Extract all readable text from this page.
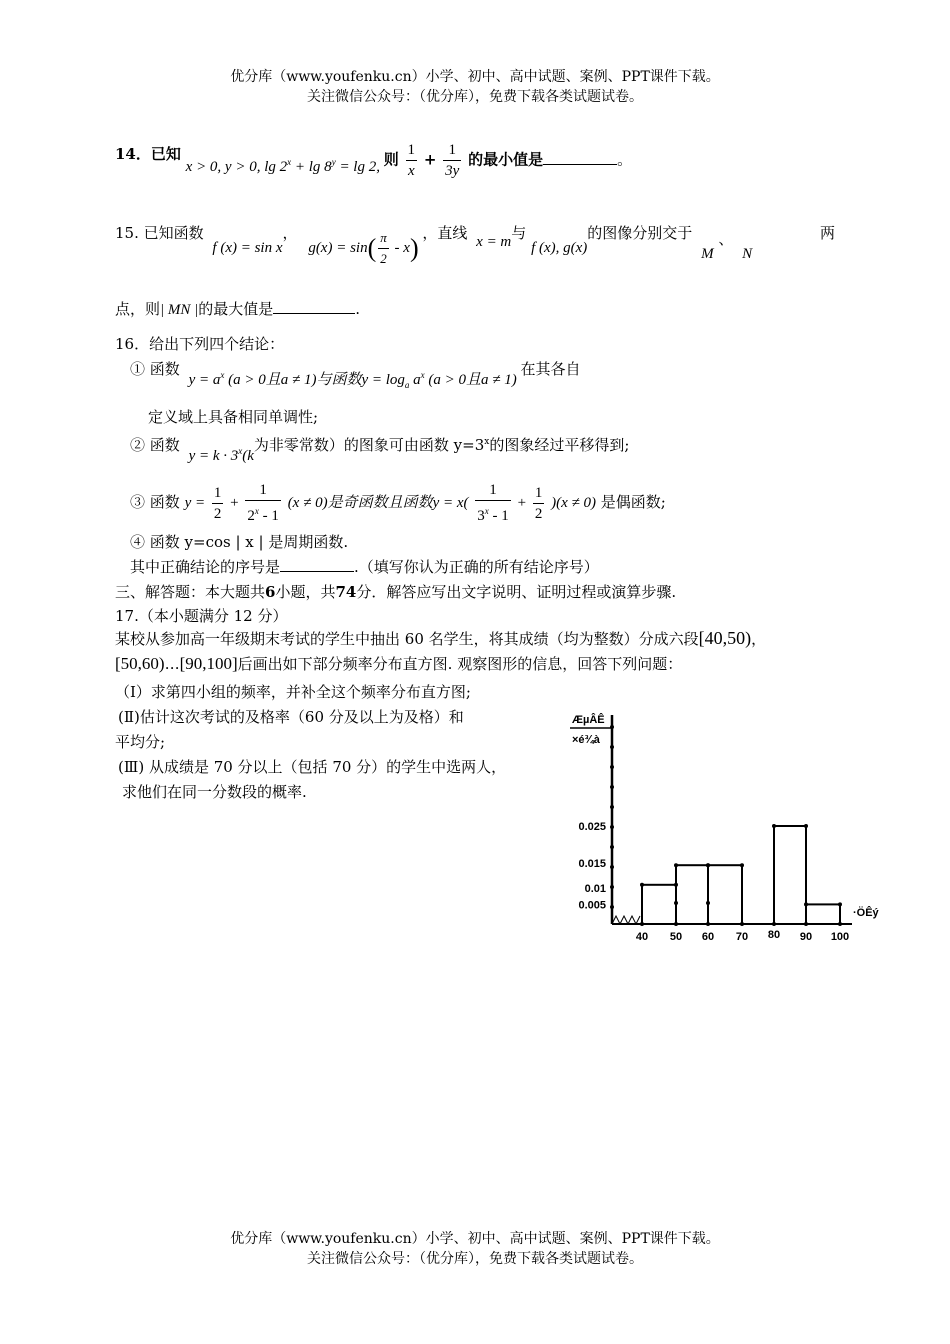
优分库（www.youfenku.cn）小学、初中、高中试题、案例、PPT课件下载。
关注微信公众号：（优分库），免费下载各类试题试卷。
14．已知 x > 0, y > 0, $\lg 2^x + \lg 8^y = \lg 2$, 则 $\frac{1}{x} + \frac{1}{3y}$ 的最小值是	。
15. 已知函数 f (x) = sin x， $g(x) = \sin( \frac{\pi}{2} - x)$ ，直线 x = m与 f (x), g(x)的图像分别交于 M 、 N
两
点，则| MN |的最大值是	.
16．给出下列四个结论：
① 函数 $y = a^x$ (a > 0且a ≠ 1)与函数$y = \log_a a^x$ (a > 0且a ≠ 1) 在其各自
定义域上具备相同单调性;
② 函数 $y = k \cdot 3^x(k$为非零常数）的图象可由函数 $y=3^x$的图象经过平移得到;
③ 函数 $y = \frac{1}{2} + \frac{1}{2^x - 1} (x \ne 0)$是奇函数且函数$y = x( \frac{1}{3^x - 1} + \frac{1}{2} )(x \ne 0)$ 是偶函数;
④ 函数 y=cos | x | 是周期函数.
其中正确结论的序号是	.（填写你认为正确的所有结论序号）
三、解答题：本大题共6小题，共74分．解答应写出文字说明、证明过程或演算步骤.
17.（本小题满分 12 分）
某校从参加高一年级期末考试的学生中抽出 60 名学生，将其成绩（均为整数）分成六段[40,50)，
[50,60)…[90,100]后画出如下部分频率分布直方图. 观察图形的信息，回答下列问题：
（Ⅰ）求第四小组的频率，并补全这个频率分布直方图;
(Ⅱ)估计这次考试的及格率（60 分及以上为及格）和
平均分;
(Ⅲ) 从成绩是 70 分以上（包括 70 分）的学生中选两人，
求他们在同一分数段的概率.
ÆµÂÊ
×é¾à
0.025
0.015
0.01
0.005
40 50 60 70 80 90 100
·ÖÊý
优分库（www.youfenku.cn）小学、初中、高中试题、案例、PPT课件下载。
关注微信公众号：（优分库），免费下载各类试题试卷。
